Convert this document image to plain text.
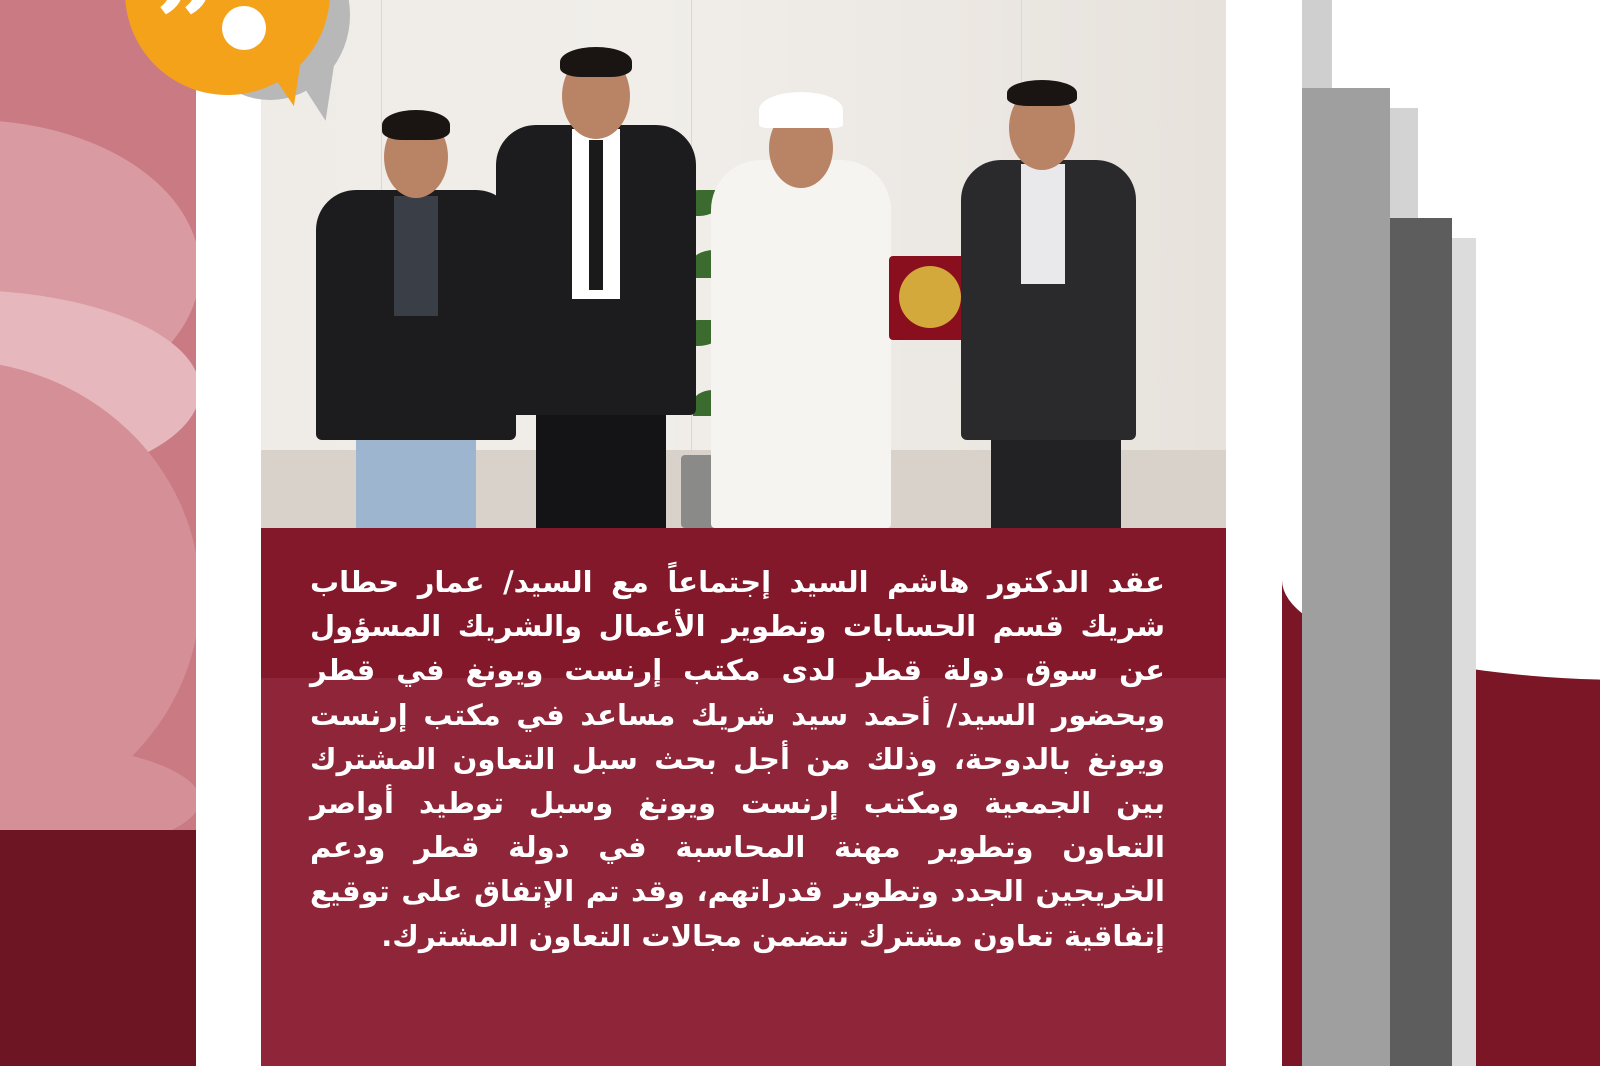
عقد الدكتور هاشم السيد إجتماعاً مع السيد/ عمار حطاب شريك قسم الحسابات وتطوير الأعمال والشريك المسؤول عن سوق دولة قطر لدى مكتب إرنست ويونغ في قطر وبحضور السيد/ أحمد سيد شريك مساعد في مكتب إرنست ويونغ بالدوحة، وذلك من أجل بحث سبل التعاون المشترك بين الجمعية ومكتب إرنست ويونغ وسبل توطيد أواصر التعاون وتطوير مهنة المحاسبة في دولة قطر ودعم الخريجين الجدد وتطوير قدراتهم، وقد تم الإتفاق على توقيع إتفاقية تعاون مشترك تتضمن مجالات التعاون المشترك.
